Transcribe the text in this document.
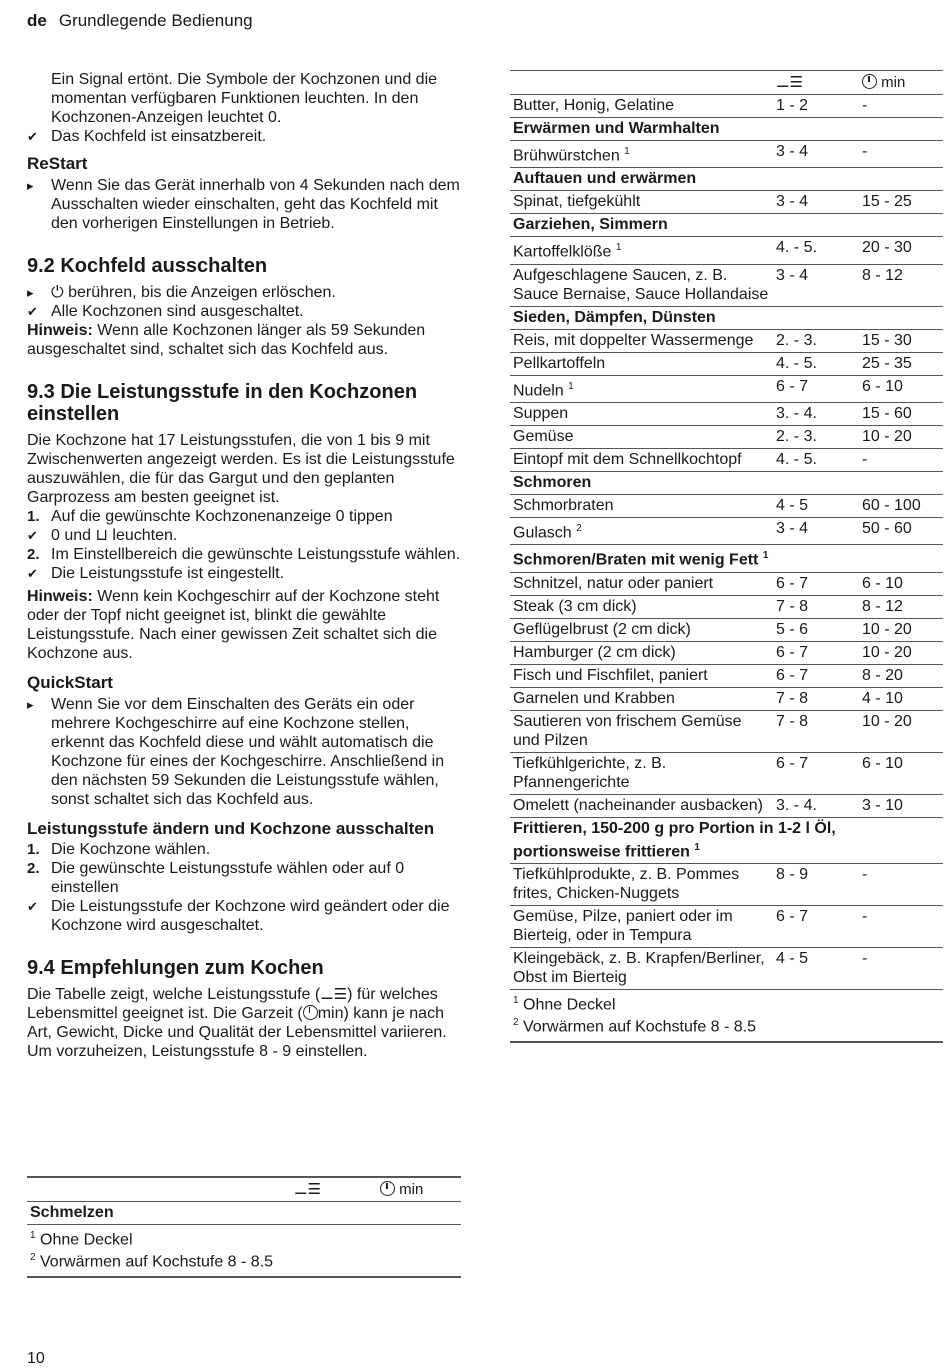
de Grundlegende Bedienung

Ein Signal ertönt. Die Symbole der Kochzonen und die momentan verfügbaren Funktionen leuchten. In den Kochzonen-Anzeigen leuchtet 0.

✔ Das Kochfeld ist einsatzbereit.

ReStart

▸ Wenn Sie das Gerät innerhalb von 4 Sekunden nach dem Ausschalten wieder einschalten, geht das Kochfeld mit den vorherigen Einstellungen in Betrieb.

9.2 Kochfeld ausschalten

▸ ⏻ berühren, bis die Anzeigen erlöschen.

✔ Alle Kochzonen sind ausgeschaltet.

Hinweis: Wenn alle Kochzonen länger als 59 Sekunden ausgeschaltet sind, schaltet sich das Kochfeld aus.

9.3 Die Leistungsstufe in den Kochzonen einstellen

Die Kochzone hat 17 Leistungsstufen, die von 1 bis 9 mit Zwischenwerten angezeigt werden. Es ist die Leistungsstufe auszuwählen, die für das Gargut und den geplanten Garprozess am besten geeignet ist.

1. Auf die gewünschte Kochzonenanzeige 0 tippen

✔ 0 und ⊔ leuchten.

2. Im Einstellbereich die gewünschte Leistungsstufe wählen.

✔ Die Leistungsstufe ist eingestellt.

Hinweis: Wenn kein Kochgeschirr auf der Kochzone steht oder der Topf nicht geeignet ist, blinkt die gewählte Leistungsstufe. Nach einer gewissen Zeit schaltet sich die Kochzone aus.

QuickStart

▸ Wenn Sie vor dem Einschalten des Geräts ein oder mehrere Kochgeschirre auf eine Kochzone stellen, erkennt das Kochfeld diese und wählt automatisch die Kochzone für eines der Kochgeschirre. Anschließend in den nächsten 59 Sekunden die Leistungsstufe wählen, sonst schaltet sich das Kochfeld aus.

Leistungsstufe ändern und Kochzone ausschalten

1. Die Kochzone wählen.

2. Die gewünschte Leistungsstufe wählen oder auf 0 einstellen

✔ Die Leistungsstufe der Kochzone wird geändert oder die Kochzone wird ausgeschaltet.

9.4 Empfehlungen zum Kochen

Die Tabelle zeigt, welche Leistungsstufe (⚊☰) für welches Lebensmittel geeignet ist. Die Garzeit ( min) kann je nach Art, Gewicht, Dicke und Qualität der Lebensmittel variieren. Um vorzuheizen, Leistungsstufe 8 - 9 einstellen.

	⚊☰	min
Schmelzen

$^1$ Ohne Deckel
$^2$ Vorwärmen auf Kochstufe 8 - 8.5
	⚊☰	min
Butter, Honig, Gelatine	1 - 2	-
Erwärmen und Warmhalten		
Brühwürstchen $^1$	3 - 4	-
Auftauen und erwärmen		
Spinat, tiefgekühlt	3 - 4	15 - 25
Garziehen, Simmern		
Kartoffelklöße $^1$	4. - 5.	20 - 30
Aufgeschlagene Saucen, z. B. Sauce Bernaise, Sauce Hollandaise	3 - 4	8 - 12
Sieden, Dämpfen, Dünsten		
Reis, mit doppelter Wassermenge	2. - 3.	15 - 30
Pellkartoffeln	4. - 5.	25 - 35
Nudeln $^1$	6 - 7	6 - 10
Suppen	3. - 4.	15 - 60
Gemüse	2. - 3.	10 - 20
Eintopf mit dem Schnellkochtopf	4. - 5.	-
Schmoren		
Schmorbraten	4 - 5	60 - 100
Gulasch $^2$	3 - 4	50 - 60
Schmoren/Braten mit wenig Fett $^1$
Schnitzel, natur oder paniert	6 - 7	6 - 10
Steak (3 cm dick)	7 - 8	8 - 12
Geflügelbrust (2 cm dick)	5 - 6	10 - 20
Hamburger (2 cm dick)	6 - 7	10 - 20
Fisch und Fischfilet, paniert	6 - 7	8 - 20
Garnelen und Krabben	7 - 8	4 - 10
Sautieren von frischem Gemüse und Pilzen	7 - 8	10 - 20
Tiefkühlgerichte, z. B. Pfannengerichte	6 - 7	6 - 10
Omelett (nacheinander ausbacken)	3. - 4.	3 - 10
Frittieren, 150-200 g pro Portion in 1-2 l Öl, portionsweise frittieren $^1$
Tiefkühlprodukte, z. B. Pommes frites, Chicken-Nuggets	8 - 9	-
Gemüse, Pilze, paniert oder im Bierteig, oder in Tempura	6 - 7	-
Kleingebäck, z. B. Krapfen/Berliner, Obst im Bierteig	4 - 5	-

$^1$ Ohne Deckel
$^2$ Vorwärmen auf Kochstufe 8 - 8.5		
10
